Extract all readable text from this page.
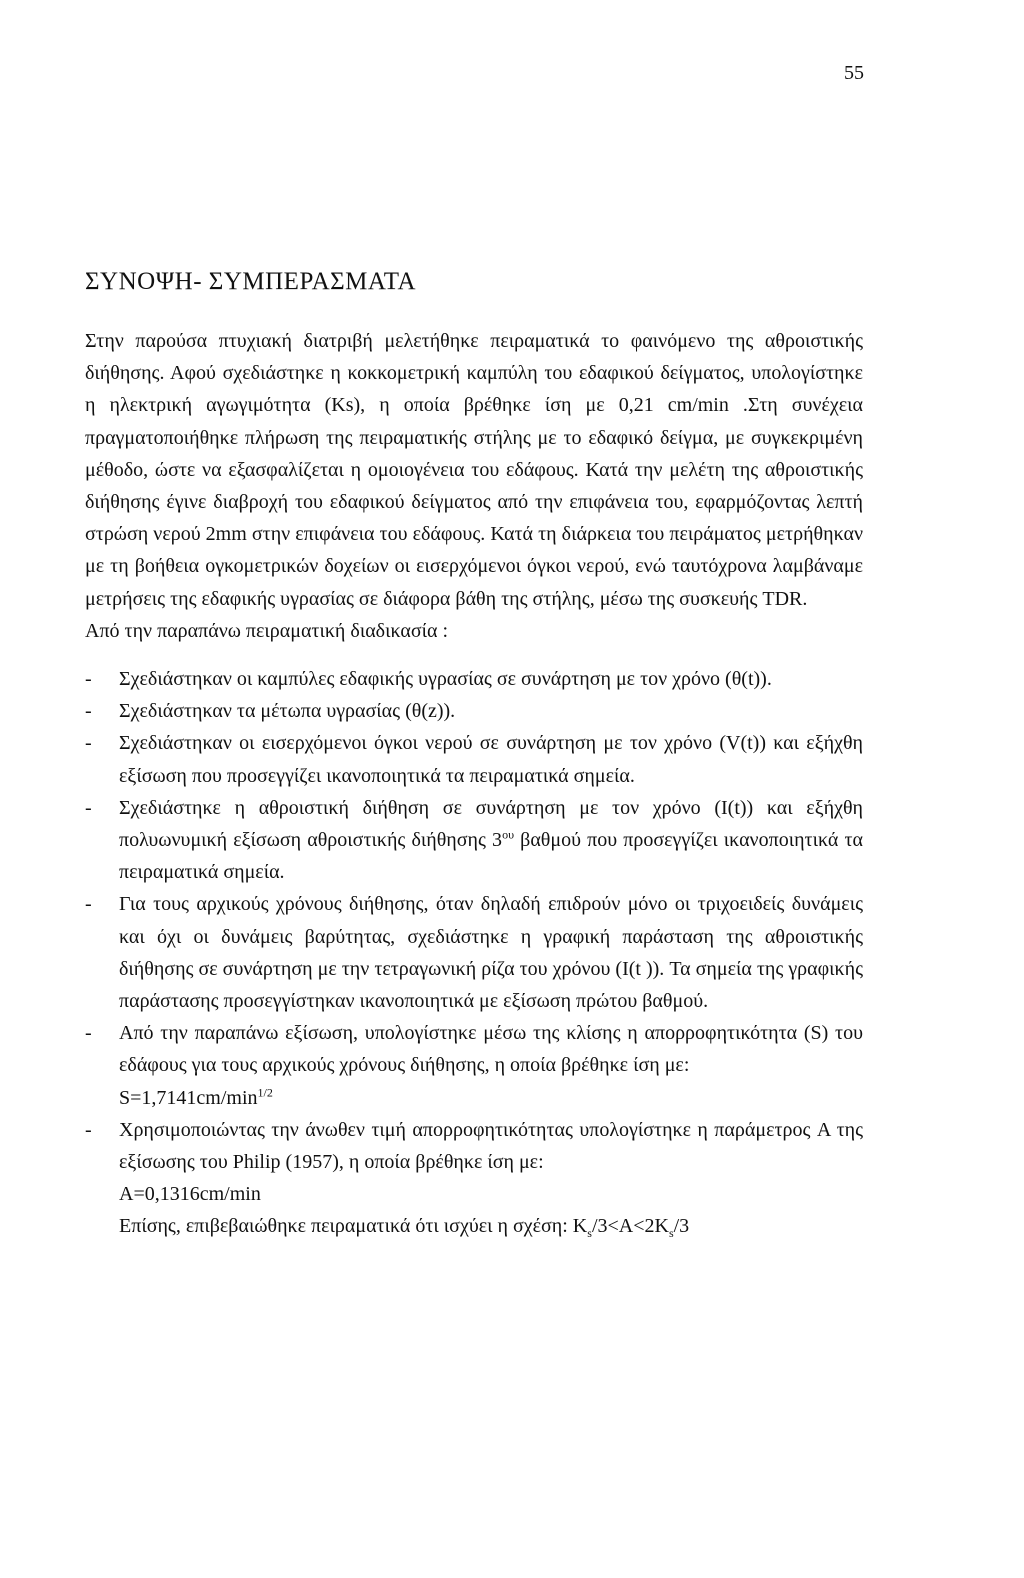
55
ΣΥΝΟΨΗ- ΣΥΜΠΕΡΑΣΜΑΤΑ

Στην παρούσα πτυχιακή διατριβή μελετήθηκε πειραματικά το φαινόμενο της αθροιστικής διήθησης. Αφού σχεδιάστηκε η κοκκομετρική καμπύλη του εδαφικού δείγματος, υπολογίστηκε η ηλεκτρική αγωγιμότητα (Ks), η οποία βρέθηκε ίση με 0,21 cm/min .Στη συνέχεια πραγματοποιήθηκε πλήρωση της πειραματικής στήλης με το εδαφικό δείγμα, με συγκεκριμένη μέθοδο, ώστε να εξασφαλίζεται η ομοιογένεια του εδάφους. Κατά την μελέτη της αθροιστικής διήθησης έγινε διαβροχή του εδαφικού δείγματος από την επιφάνεια του, εφαρμόζοντας λεπτή στρώση νερού 2mm στην επιφάνεια του εδάφους. Κατά τη διάρκεια του πειράματος μετρήθηκαν με τη βοήθεια ογκομετρικών δοχείων οι εισερχόμενοι όγκοι νερού, ενώ ταυτόχρονα λαμβάναμε μετρήσεις της εδαφικής υγρασίας σε διάφορα βάθη της στήλης, μέσω της συσκευής TDR.

Από την παραπάνω πειραματική διαδικασία :

- Σχεδιάστηκαν οι καμπύλες εδαφικής υγρασίας σε συνάρτηση με τον χρόνο (θ(t)).
- Σχεδιάστηκαν τα μέτωπα υγρασίας (θ(z)).
- Σχεδιάστηκαν οι εισερχόμενοι όγκοι νερού σε συνάρτηση με τον χρόνο (V(t)) και εξήχθη εξίσωση που προσεγγίζει ικανοποιητικά τα πειραματικά σημεία.
- Σχεδιάστηκε η αθροιστική διήθηση σε συνάρτηση με τον χρόνο (I(t)) και εξήχθη πολυωνυμική εξίσωση αθροιστικής διήθησης $3^{o\upsilon}$ βαθμού που προσεγγίζει ικανοποιητικά τα πειραματικά σημεία.
- Για τους αρχικούς χρόνους διήθησης, όταν δηλαδή επιδρούν μόνο οι τριχοειδείς δυνάμεις και όχι οι δυνάμεις βαρύτητας, σχεδιάστηκε η γραφική παράσταση της αθροιστικής διήθησης σε συνάρτηση με την τετραγωνική ρίζα του χρόνου (I(t )). Τα σημεία της γραφικής παράστασης προσεγγίστηκαν ικανοποιητικά με εξίσωση πρώτου βαθμού.
- Από την παραπάνω εξίσωση, υπολογίστηκε μέσω της κλίσης η απορροφητικότητα (S) του εδάφους για τους αρχικούς χρόνους διήθησης, η οποία βρέθηκε ίση με:
$S=1,7141cm/\min^{1/2}$
- Χρησιμοποιώντας την άνωθεν τιμή απορροφητικότητας υπολογίστηκε η παράμετρος A της εξίσωσης του Philip (1957), η οποία βρέθηκε ίση με:
A=0,1316cm/min

Επίσης, επιβεβαιώθηκε πειραματικά ότι ισχύει η σχέση: $K_s/3<A<2K_s/3$
